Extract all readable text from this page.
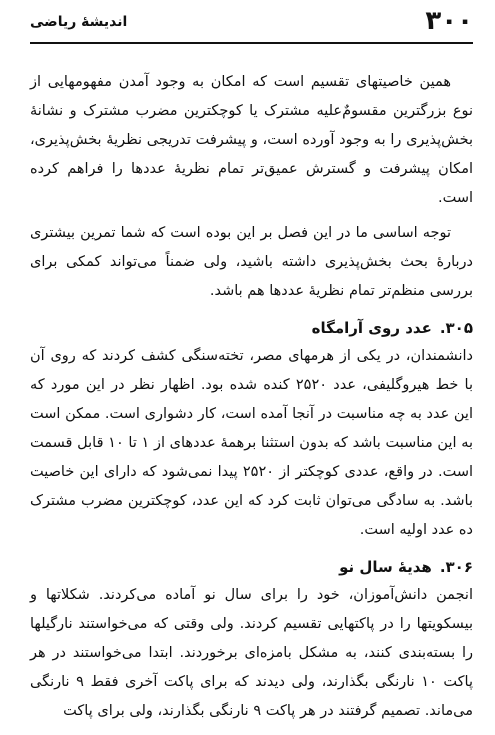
۳۰۰
اندیشهٔ ریاضی

همین خاصیتهای تقسیم است که امکان به وجود آمدن مفهومهایی از نوع بزرگترین مقسومٌ‌علیه مشترک یا کوچکترین مضرب مشترک و نشانهٔ بخش‌پذیری را به وجود آورده است، و پیشرفت تدریجی نظریهٔ بخش‌پذیری، امکان پیشرفت و گسترش عمیق‌تر تمام نظریهٔ عددها را فراهم کرده است.

توجه اساسی ما در این فصل بر این بوده است که شما تمرین بیشتری دربارهٔ بحث بخش‌پذیری داشته باشید، ولی ضمناً می‌تواند کمکی برای بررسی منظم‌تر تمام نظریهٔ عددها هم باشد.

۳۰۵.عدد روی آرامگاه

دانشمندان، در یکی از هرمهای مصر، تخته‌سنگی کشف کردند که روی آن با خط هیروگلیفی، عدد ۲۵۲۰ کنده شده بود. اظهار نظر در این مورد که این عدد به چه مناسبت در آنجا آمده است، کار دشواری است. ممکن است به این مناسبت باشد که بدون استثنا برهمهٔ عددهای از ۱ تا ۱۰ قابل قسمت است. در واقع، عددی کوچکتر از ۲۵۲۰ پیدا نمی‌شود که دارای این خاصیت باشد. به سادگی می‌توان ثابت کرد که این عدد، کوچکترین مضرب مشترک ده عدد اولیه است.

۳۰۶.هدیهٔ سال نو

انجمن دانش‌آموزان، خود را برای سال نو آماده می‌کردند. شکلاتها و بیسکویتها را در پاکتهایی تقسیم کردند. ولی وقتی که می‌خواستند نارگیلها را بسته‌بندی کنند، به مشکل بامزه‌ای برخوردند. ابتدا می‌خواستند در هر پاکت ۱۰ نارنگی بگذارند، ولی دیدند که برای پاکت آخری فقط ۹ نارنگی می‌ماند. تصمیم گرفتند در هر پاکت ۹ نارنگی بگذارند، ولی برای پاکت
